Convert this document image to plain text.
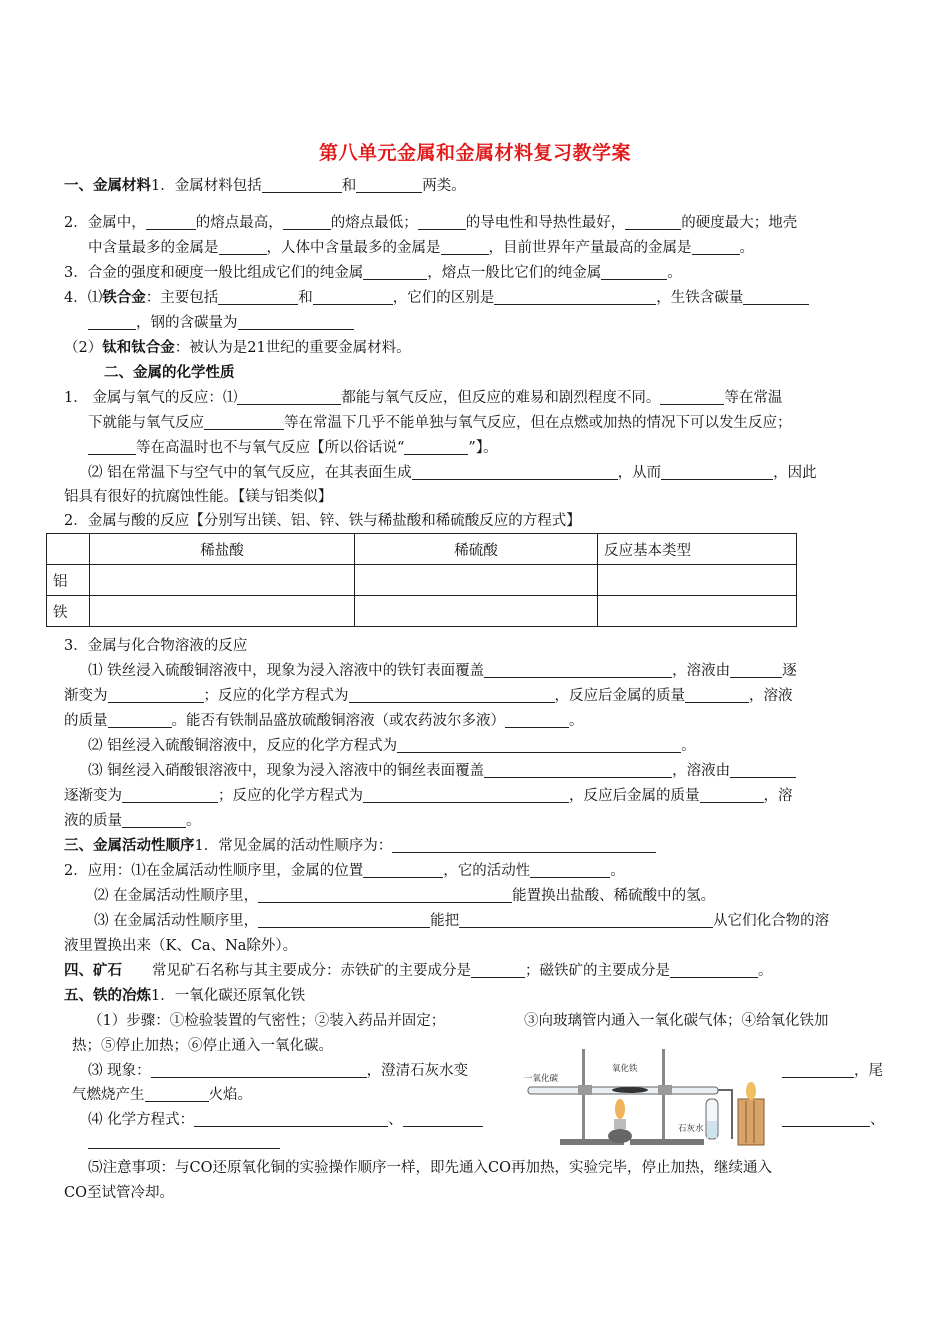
第八单元金属和金属材料复习教学案
一、金属材料1．金属材料包括	和	两类。
2．金属中，	的熔点最高，	的熔点最低；	的导电性和导热性最好，	的硬度最大；地壳
中含量最多的金属是	，人体中含量最多的金属是	，目前世界年产量最高的金属是	。
3．合金的强度和硬度一般比组成它们的纯金属	，熔点一般比它们的纯金属	。
4．⑴铁合金：主要包括	和	，它们的区别是	，生铁含碳量
，钢的含碳量为
（2）钛和钛合金：被认为是21世纪的重要金属材料。
二、金属的化学性质
1． 金属与氧气的反应：⑴	都能与氧气反应，但反应的难易和剧烈程度不同。	等在常温
下就能与氧气反应	等在常温下几乎不能单独与氧气反应，但在点燃或加热的情况下可以发生反应；
等在高温时也不与氧气反应【所以俗话说“	”】。
⑵ 铝在常温下与空气中的氧气反应，在其表面生成	，从而	，因此
铝具有很好的抗腐蚀性能。【镁与铝类似】
2．金属与酸的反应【分别写出镁、铝、锌、铁与稀盐酸和稀硫酸反应的方程式】
	稀盐酸	稀硫酸	反应基本类型
铝			
铁			
3．金属与化合物溶液的反应
⑴ 铁丝浸入硫酸铜溶液中，现象为浸入溶液中的铁钉表面覆盖	，溶液由	逐
渐变为	；反应的化学方程式为	，反应后金属的质量	，溶液
的质量	。能否有铁制品盛放硫酸铜溶液（或农药波尔多液）	。
⑵ 铝丝浸入硫酸铜溶液中，反应的化学方程式为	。
⑶ 铜丝浸入硝酸银溶液中，现象为浸入溶液中的铜丝表面覆盖	，溶液由
逐渐变为	；反应的化学方程式为	，反应后金属的质量	，溶
液的质量	。
三、金属活动性顺序1．常见金属的活动性顺序为：
2．应用：⑴在金属活动性顺序里，金属的位置	，它的活动性	。
⑵ 在金属活动性顺序里，	能置换出盐酸、稀硫酸中的氢。
⑶ 在金属活动性顺序里，	能把	从它们化合物的溶
液里置换出来（K、Ca、Na除外）。
四、矿石 常见矿石名称与其主要成分：赤铁矿的主要成分是	；磁铁矿的主要成分是	。
五、铁的冶炼1．一氧化碳还原氧化铁
（1）步骤：①检验装置的气密性；②装入药品并固定；	③向玻璃管内通入一氧化碳气体；④给氧化铁加
热；⑤停止加热；⑥停止通入一氧化碳。
⑶ 现象：	，澄清石灰水变	，尾
气燃烧产生	火焰。
⑷ 化学方程式：	、	、
一氧化碳
氧化铁
石灰水
⑸注意事项：与CO还原氧化铜的实验操作顺序一样，即先通入CO再加热，实验完毕，停止加热，继续通入
CO至试管冷却。
